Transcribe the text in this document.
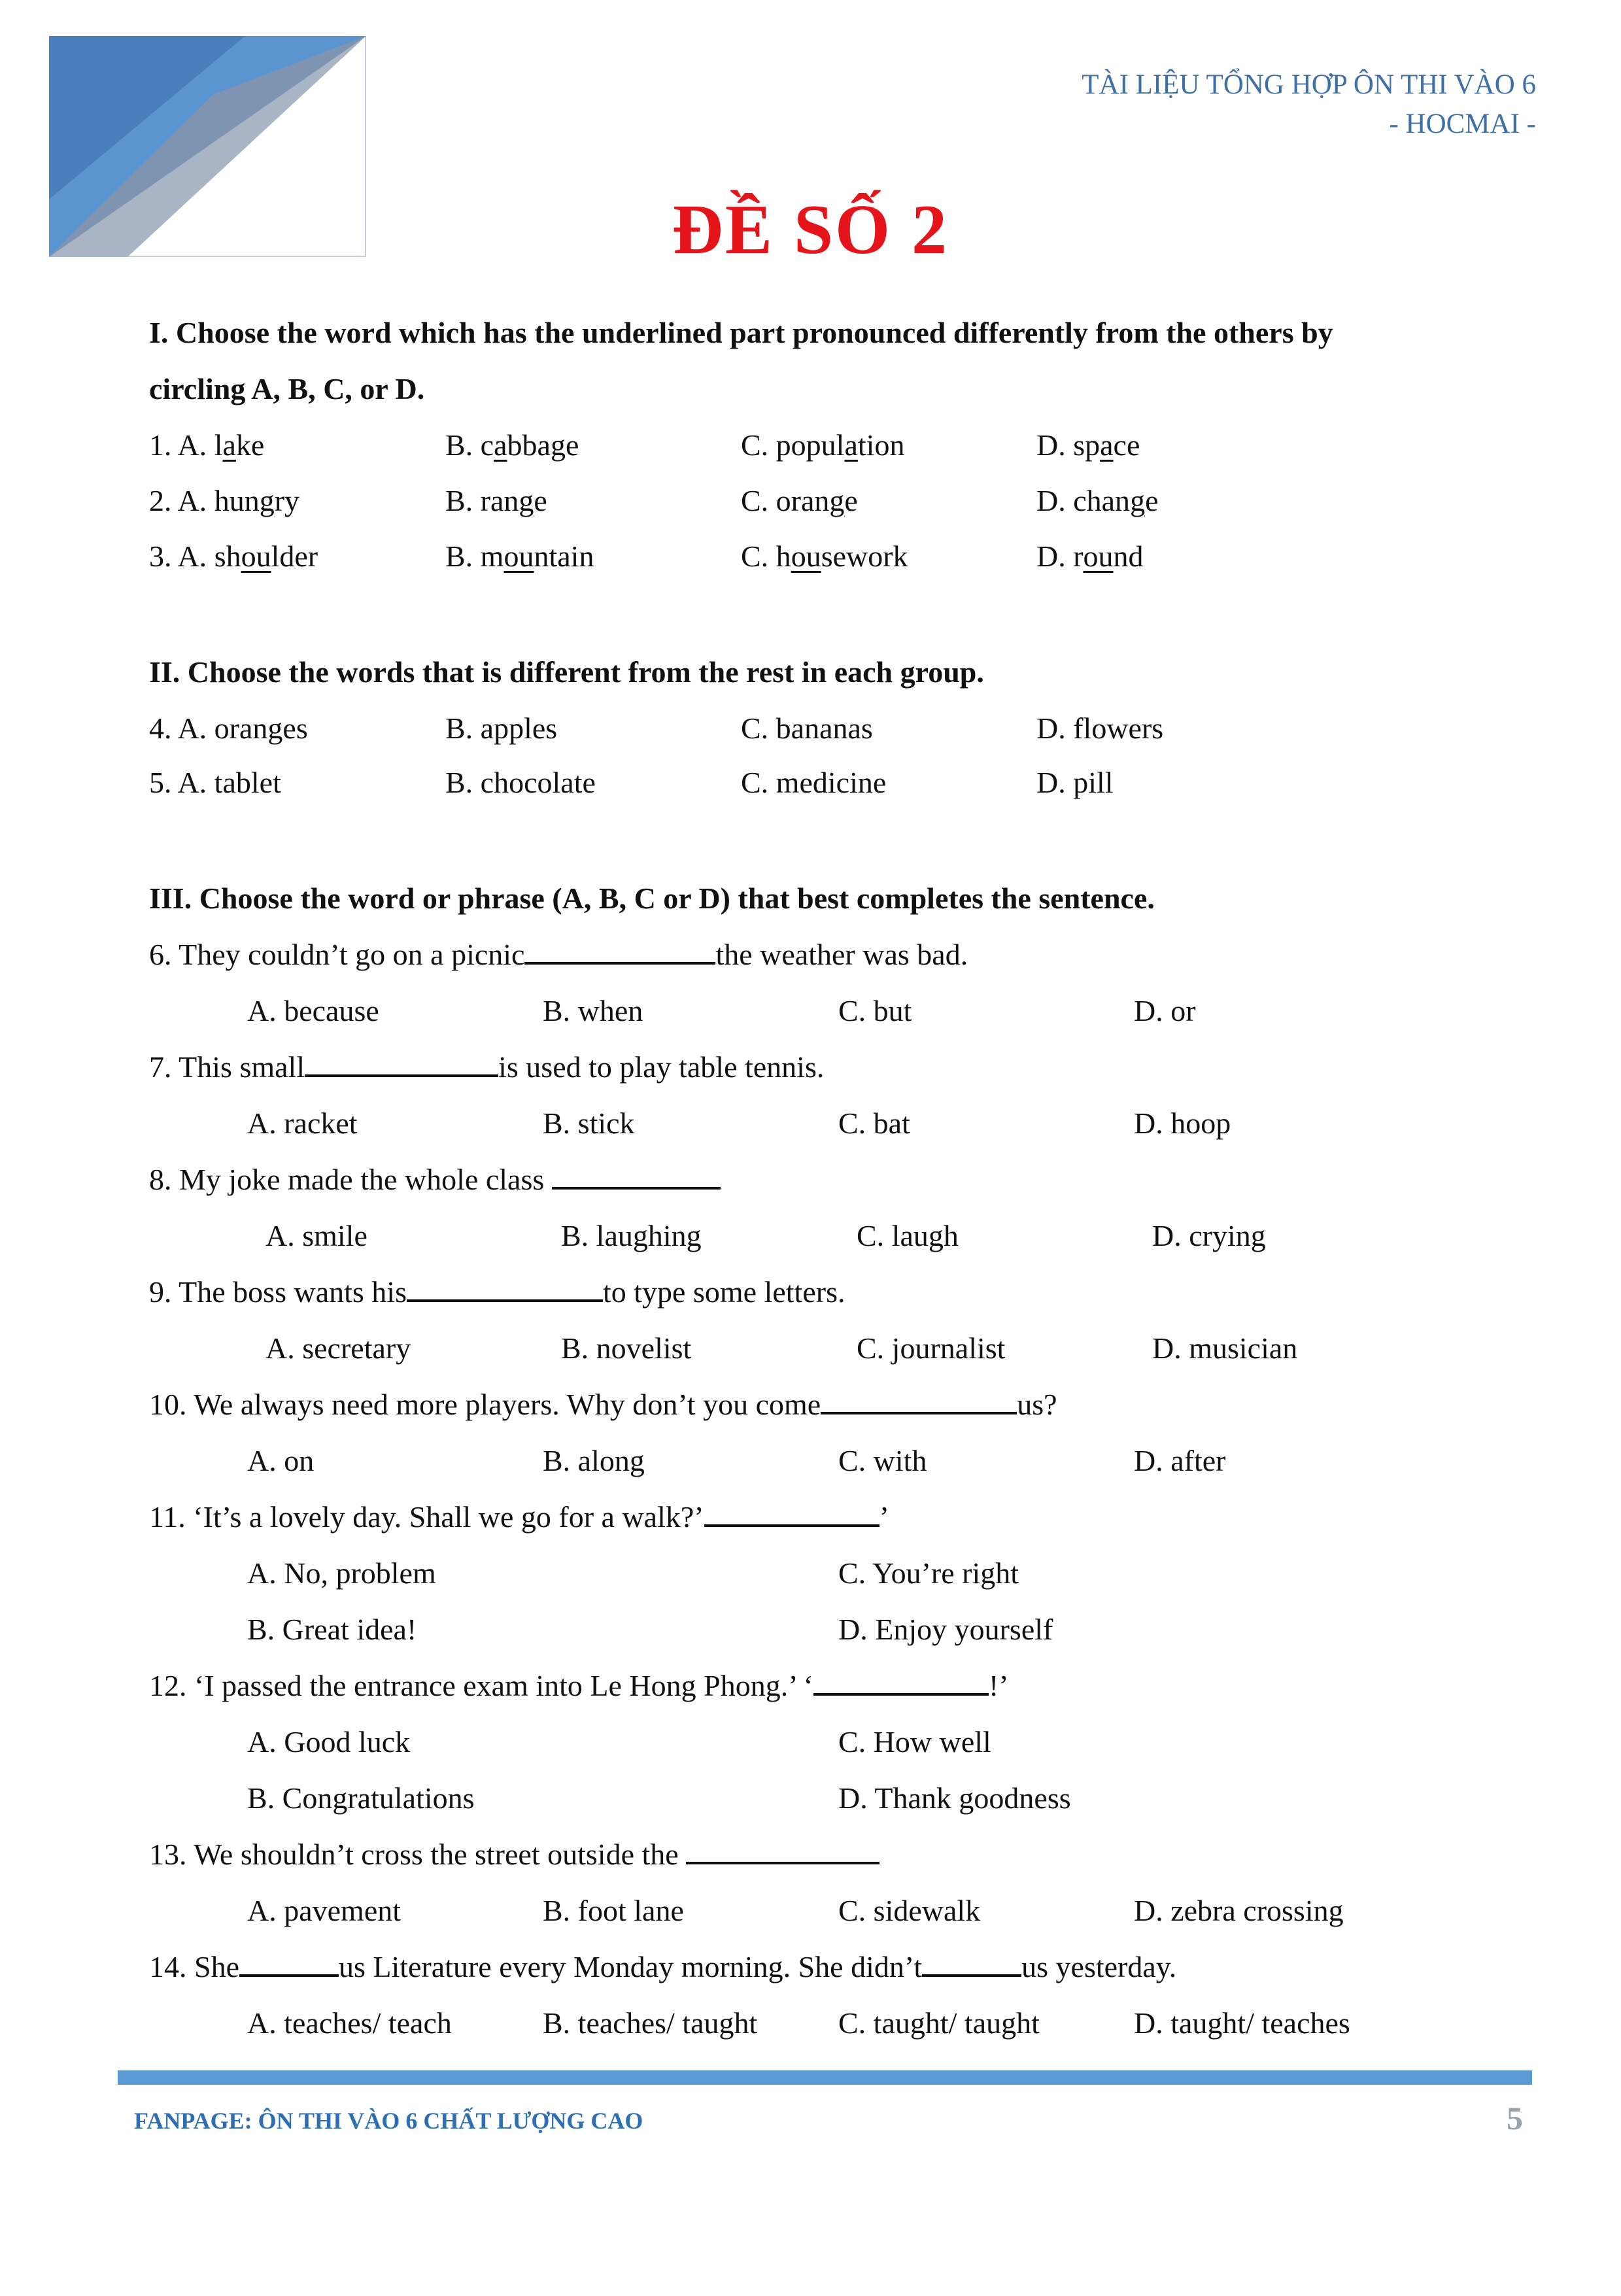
TÀI LIỆU TỔNG HỢP ÔN THI VÀO 6
- HOCMAI -
ĐỀ SỐ 2
I. Choose the word which has the underlined part pronounced differently from the others by
circling A, B, C, or D.
1. A. lake	B. cabbage	C. population	D. space
2. A. hungry	B. range	C. orange	D. change
3. A. shoulder	B. mountain	C. housework	D. round
II. Choose the words that is different from the rest in each group.
4. A. oranges	B. apples	C. bananas	D. flowers
5. A. tablet	B. chocolate	C. medicine	D. pill
III. Choose the word or phrase (A, B, C or D) that best completes the sentence.
6. They couldn’t go on a picnic	the weather was bad.
A. because	B. when	C. but	D. or
7. This small	is used to play table tennis.
A. racket	B. stick	C. bat	D. hoop
8. My joke made the whole class
A. smile	B. laughing	C. laugh	D. crying
9. The boss wants his	to type some letters.
A. secretary	B. novelist	C. journalist	D. musician
10. We always need more players. Why don’t you come	us?
A. on	B. along	C. with	D. after
11. ‘It’s a lovely day. Shall we go for a walk?’	’
A. No, problem	C. You’re right
B. Great idea!	D. Enjoy yourself
12. ‘I passed the entrance exam into Le Hong Phong.’ ‘	!’
A. Good luck	C. How well
B. Congratulations	D. Thank goodness
13. We shouldn’t cross the street outside the
A. pavement	B. foot lane	C. sidewalk	D. zebra crossing
14. She	us Literature every Monday morning. She didn’t	us yesterday.
A. teaches/ teach	B. teaches/ taught	C. taught/ taught	D. taught/ teaches
FANPAGE: ÔN THI VÀO 6 CHẤT LƯỢNG CAO	5
